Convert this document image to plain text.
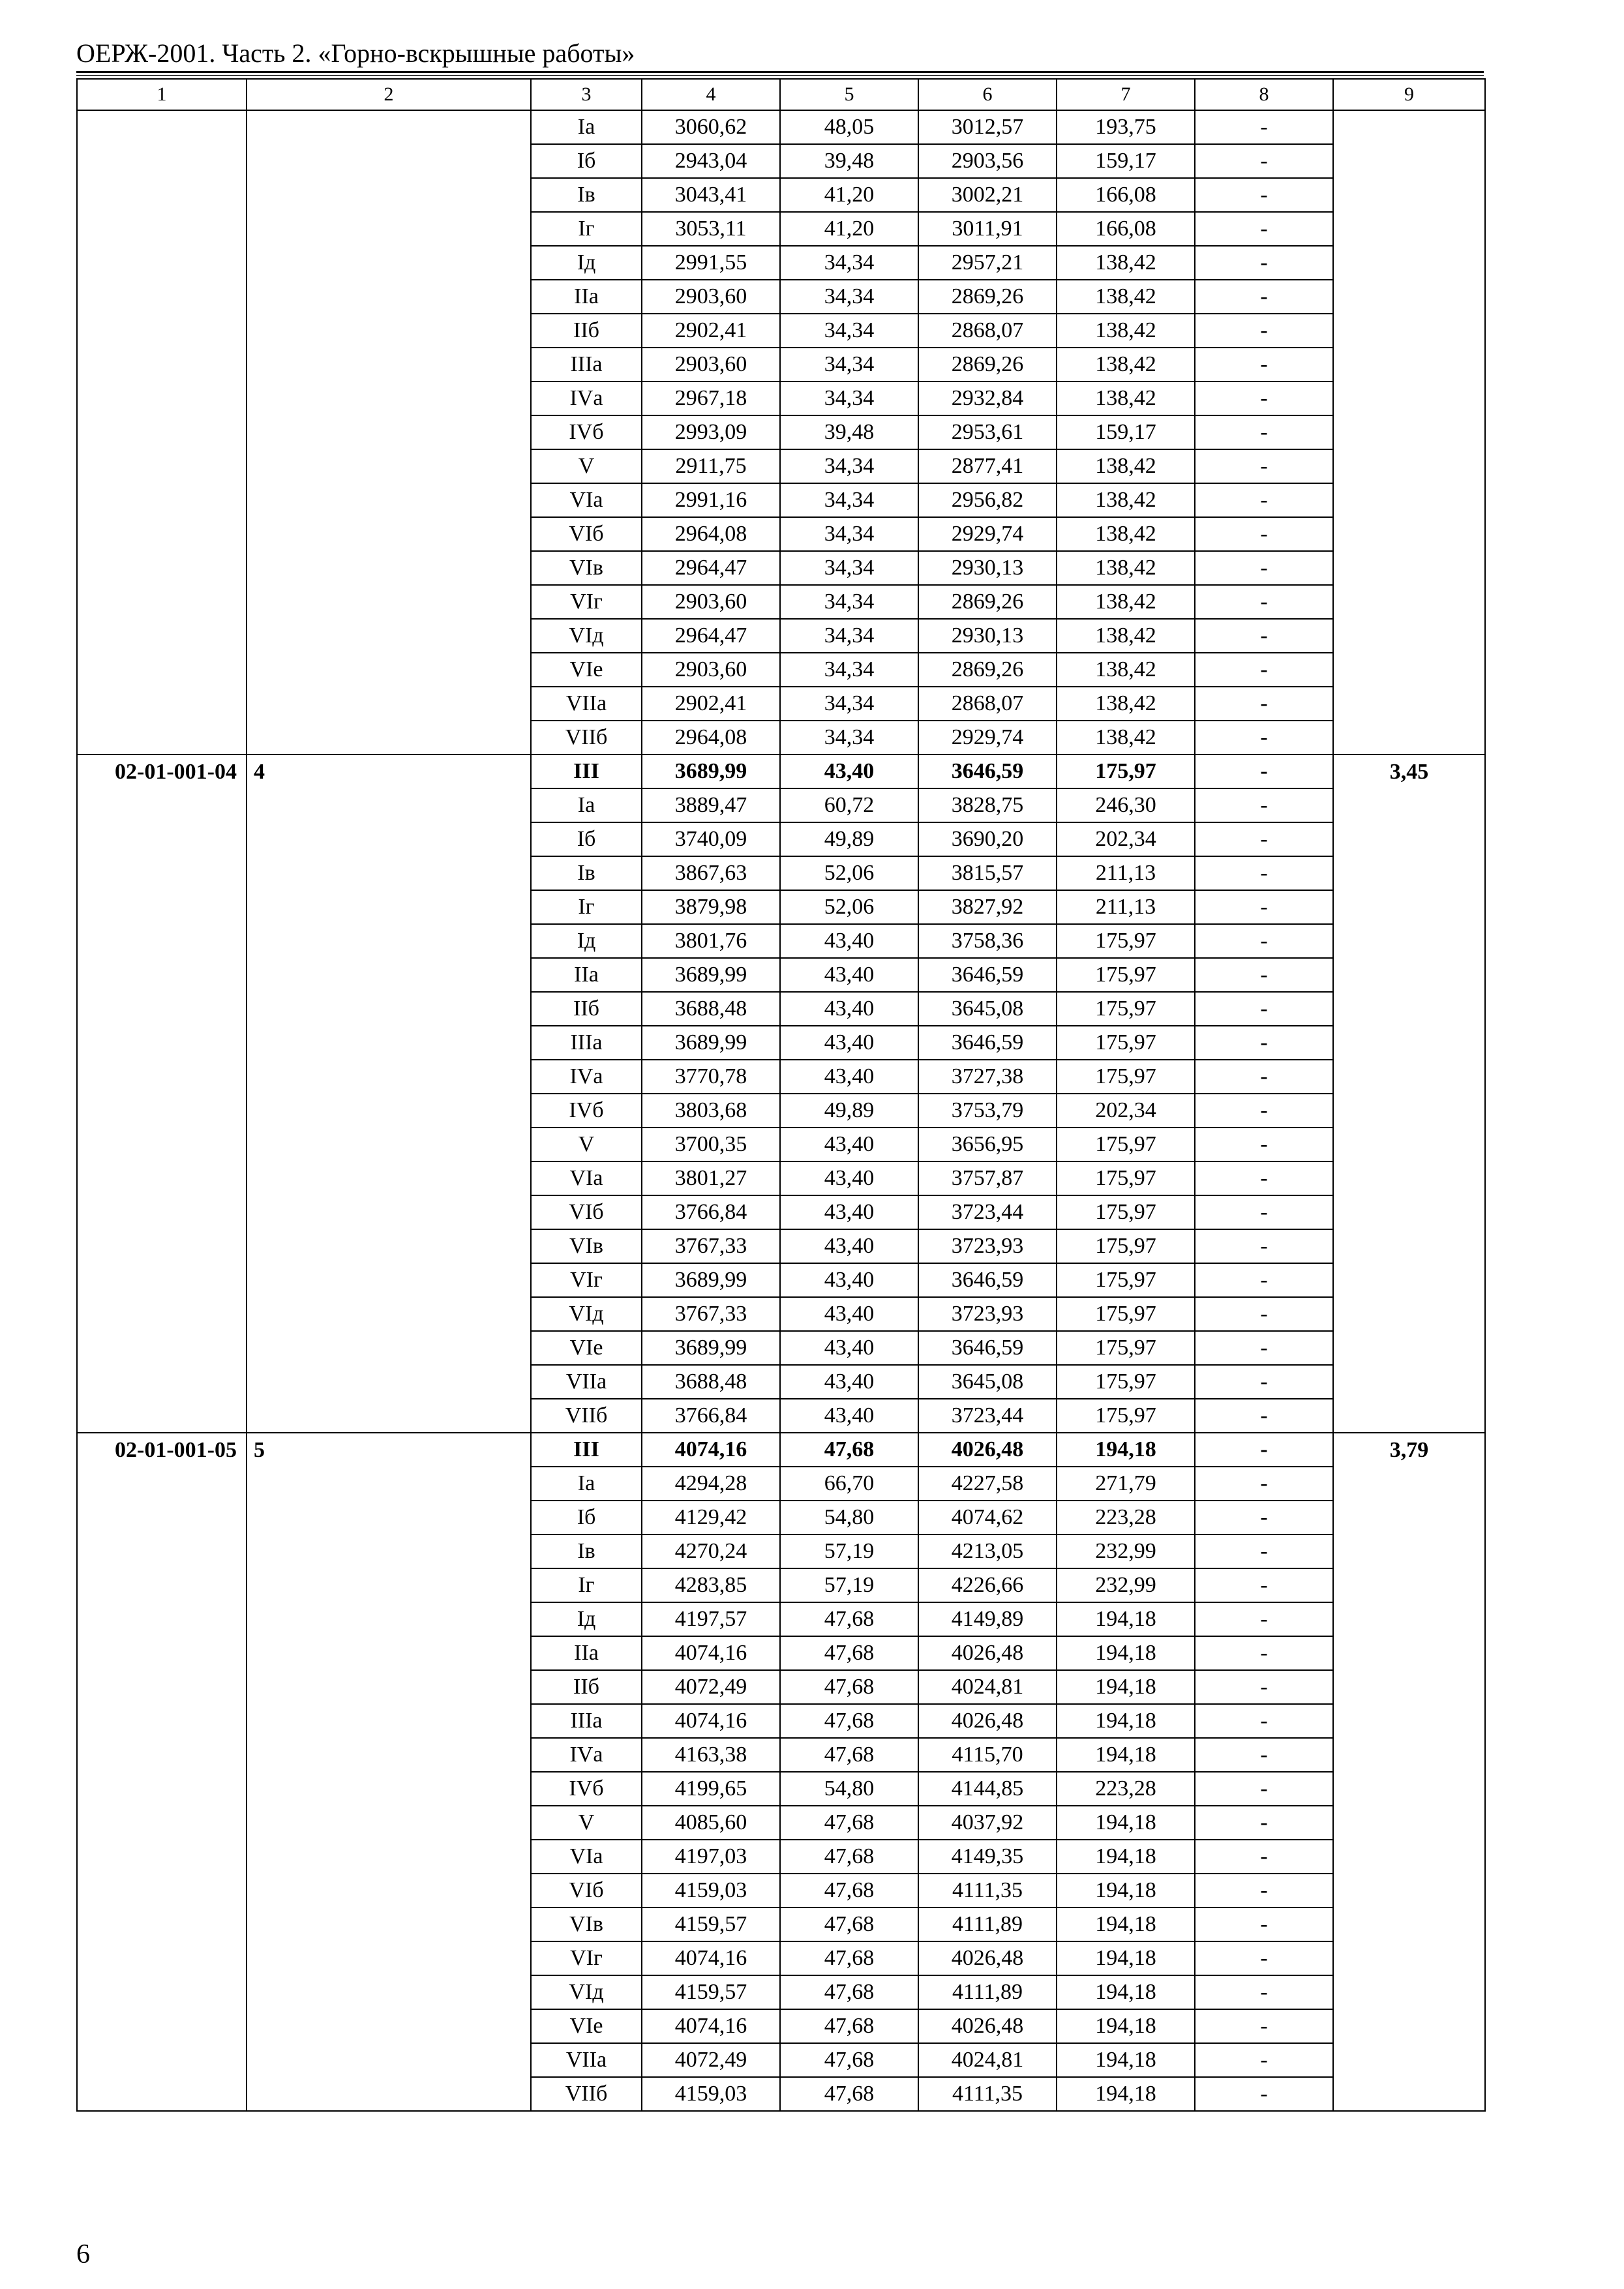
ОЕРЖ-2001. Часть 2. «Горно-вскрышные работы»
1	2	3	4	5	6	7	8	9
		Iа	3060,62	48,05	3012,57	193,75	-	
		Iб	2943,04	39,48	2903,56	159,17	-	
		Iв	3043,41	41,20	3002,21	166,08	-	
		Iг	3053,11	41,20	3011,91	166,08	-	
		Iд	2991,55	34,34	2957,21	138,42	-	
		IIа	2903,60	34,34	2869,26	138,42	-	
		IIб	2902,41	34,34	2868,07	138,42	-	
		IIIа	2903,60	34,34	2869,26	138,42	-	
		IVа	2967,18	34,34	2932,84	138,42	-	
		IVб	2993,09	39,48	2953,61	159,17	-	
		V	2911,75	34,34	2877,41	138,42	-	
		VIа	2991,16	34,34	2956,82	138,42	-	
		VIб	2964,08	34,34	2929,74	138,42	-	
		VIв	2964,47	34,34	2930,13	138,42	-	
		VIг	2903,60	34,34	2869,26	138,42	-	
		VIд	2964,47	34,34	2930,13	138,42	-	
		VIе	2903,60	34,34	2869,26	138,42	-	
		VIIа	2902,41	34,34	2868,07	138,42	-	
		VIIб	2964,08	34,34	2929,74	138,42	-	
02-01-001-04	4	III	3689,99	43,40	3646,59	175,97	-	3,45
		Iа	3889,47	60,72	3828,75	246,30	-	
		Iб	3740,09	49,89	3690,20	202,34	-	
		Iв	3867,63	52,06	3815,57	211,13	-	
		Iг	3879,98	52,06	3827,92	211,13	-	
		Iд	3801,76	43,40	3758,36	175,97	-	
		IIа	3689,99	43,40	3646,59	175,97	-	
		IIб	3688,48	43,40	3645,08	175,97	-	
		IIIа	3689,99	43,40	3646,59	175,97	-	
		IVа	3770,78	43,40	3727,38	175,97	-	
		IVб	3803,68	49,89	3753,79	202,34	-	
		V	3700,35	43,40	3656,95	175,97	-	
		VIа	3801,27	43,40	3757,87	175,97	-	
		VIб	3766,84	43,40	3723,44	175,97	-	
		VIв	3767,33	43,40	3723,93	175,97	-	
		VIг	3689,99	43,40	3646,59	175,97	-	
		VIд	3767,33	43,40	3723,93	175,97	-	
		VIе	3689,99	43,40	3646,59	175,97	-	
		VIIа	3688,48	43,40	3645,08	175,97	-	
		VIIб	3766,84	43,40	3723,44	175,97	-	
02-01-001-05	5	III	4074,16	47,68	4026,48	194,18	-	3,79
		Iа	4294,28	66,70	4227,58	271,79	-	
		Iб	4129,42	54,80	4074,62	223,28	-	
		Iв	4270,24	57,19	4213,05	232,99	-	
		Iг	4283,85	57,19	4226,66	232,99	-	
		Iд	4197,57	47,68	4149,89	194,18	-	
		IIа	4074,16	47,68	4026,48	194,18	-	
		IIб	4072,49	47,68	4024,81	194,18	-	
		IIIа	4074,16	47,68	4026,48	194,18	-	
		IVа	4163,38	47,68	4115,70	194,18	-	
		IVб	4199,65	54,80	4144,85	223,28	-	
		V	4085,60	47,68	4037,92	194,18	-	
		VIа	4197,03	47,68	4149,35	194,18	-	
		VIб	4159,03	47,68	4111,35	194,18	-	
		VIв	4159,57	47,68	4111,89	194,18	-	
		VIг	4074,16	47,68	4026,48	194,18	-	
		VIд	4159,57	47,68	4111,89	194,18	-	
		VIе	4074,16	47,68	4026,48	194,18	-	
		VIIа	4072,49	47,68	4024,81	194,18	-	
		VIIб	4159,03	47,68	4111,35	194,18	-	
6
